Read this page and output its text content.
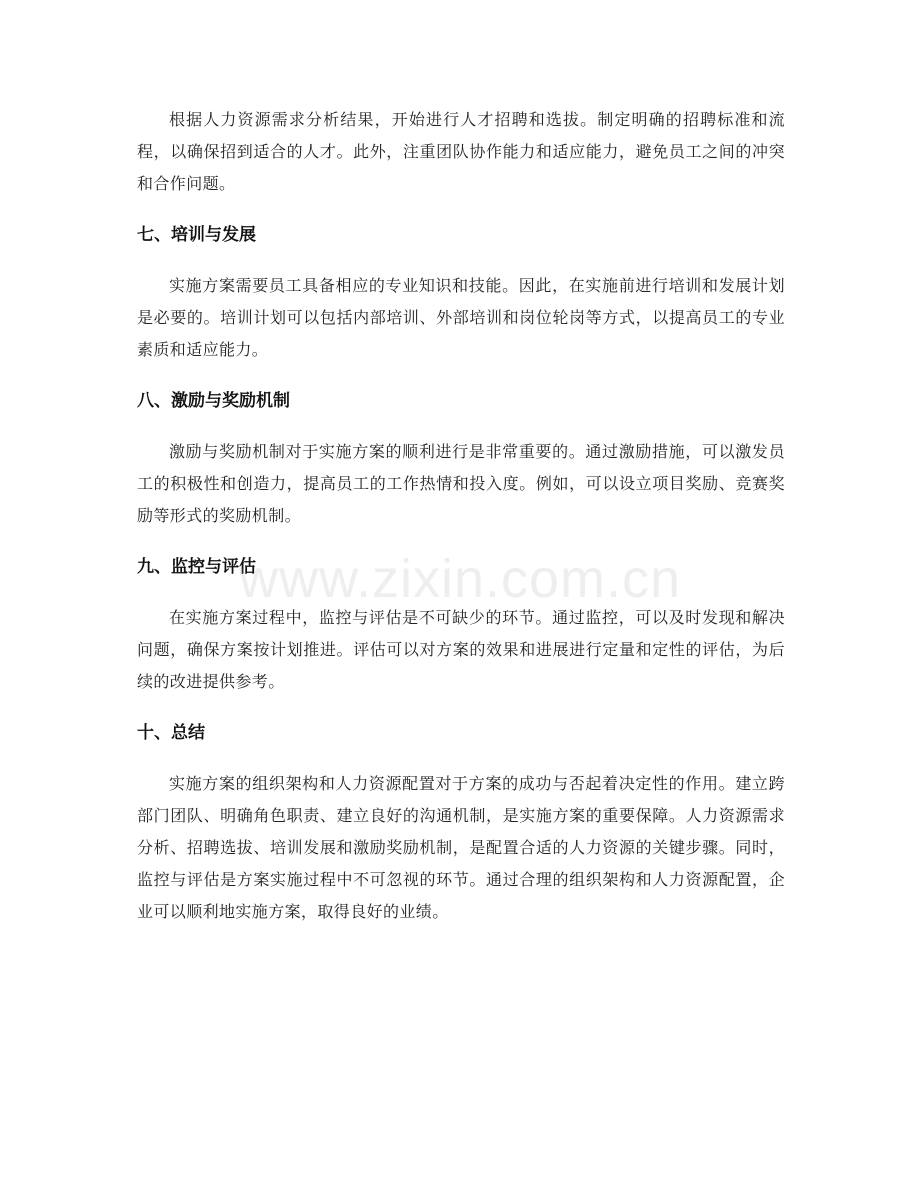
根据人力资源需求分析结果，开始进行人才招聘和选拔。制定明确的招聘标准和流程，以确保招到适合的人才。此外，注重团队协作能力和适应能力，避免员工之间的冲突和合作问题。

七、培训与发展

实施方案需要员工具备相应的专业知识和技能。因此，在实施前进行培训和发展计划是必要的。培训计划可以包括内部培训、外部培训和岗位轮岗等方式，以提高员工的专业素质和适应能力。

八、激励与奖励机制

激励与奖励机制对于实施方案的顺利进行是非常重要的。通过激励措施，可以激发员工的积极性和创造力，提高员工的工作热情和投入度。例如，可以设立项目奖励、竞赛奖励等形式的奖励机制。

九、监控与评估

在实施方案过程中，监控与评估是不可缺少的环节。通过监控，可以及时发现和解决问题，确保方案按计划推进。评估可以对方案的效果和进展进行定量和定性的评估，为后续的改进提供参考。

十、总结

实施方案的组织架构和人力资源配置对于方案的成功与否起着决定性的作用。建立跨部门团队、明确角色职责、建立良好的沟通机制，是实施方案的重要保障。人力资源需求分析、招聘选拔、培训发展和激励奖励机制，是配置合适的人力资源的关键步骤。同时，监控与评估是方案实施过程中不可忽视的环节。通过合理的组织架构和人力资源配置，企业可以顺利地实施方案，取得良好的业绩。

www.zixin.com.cn
